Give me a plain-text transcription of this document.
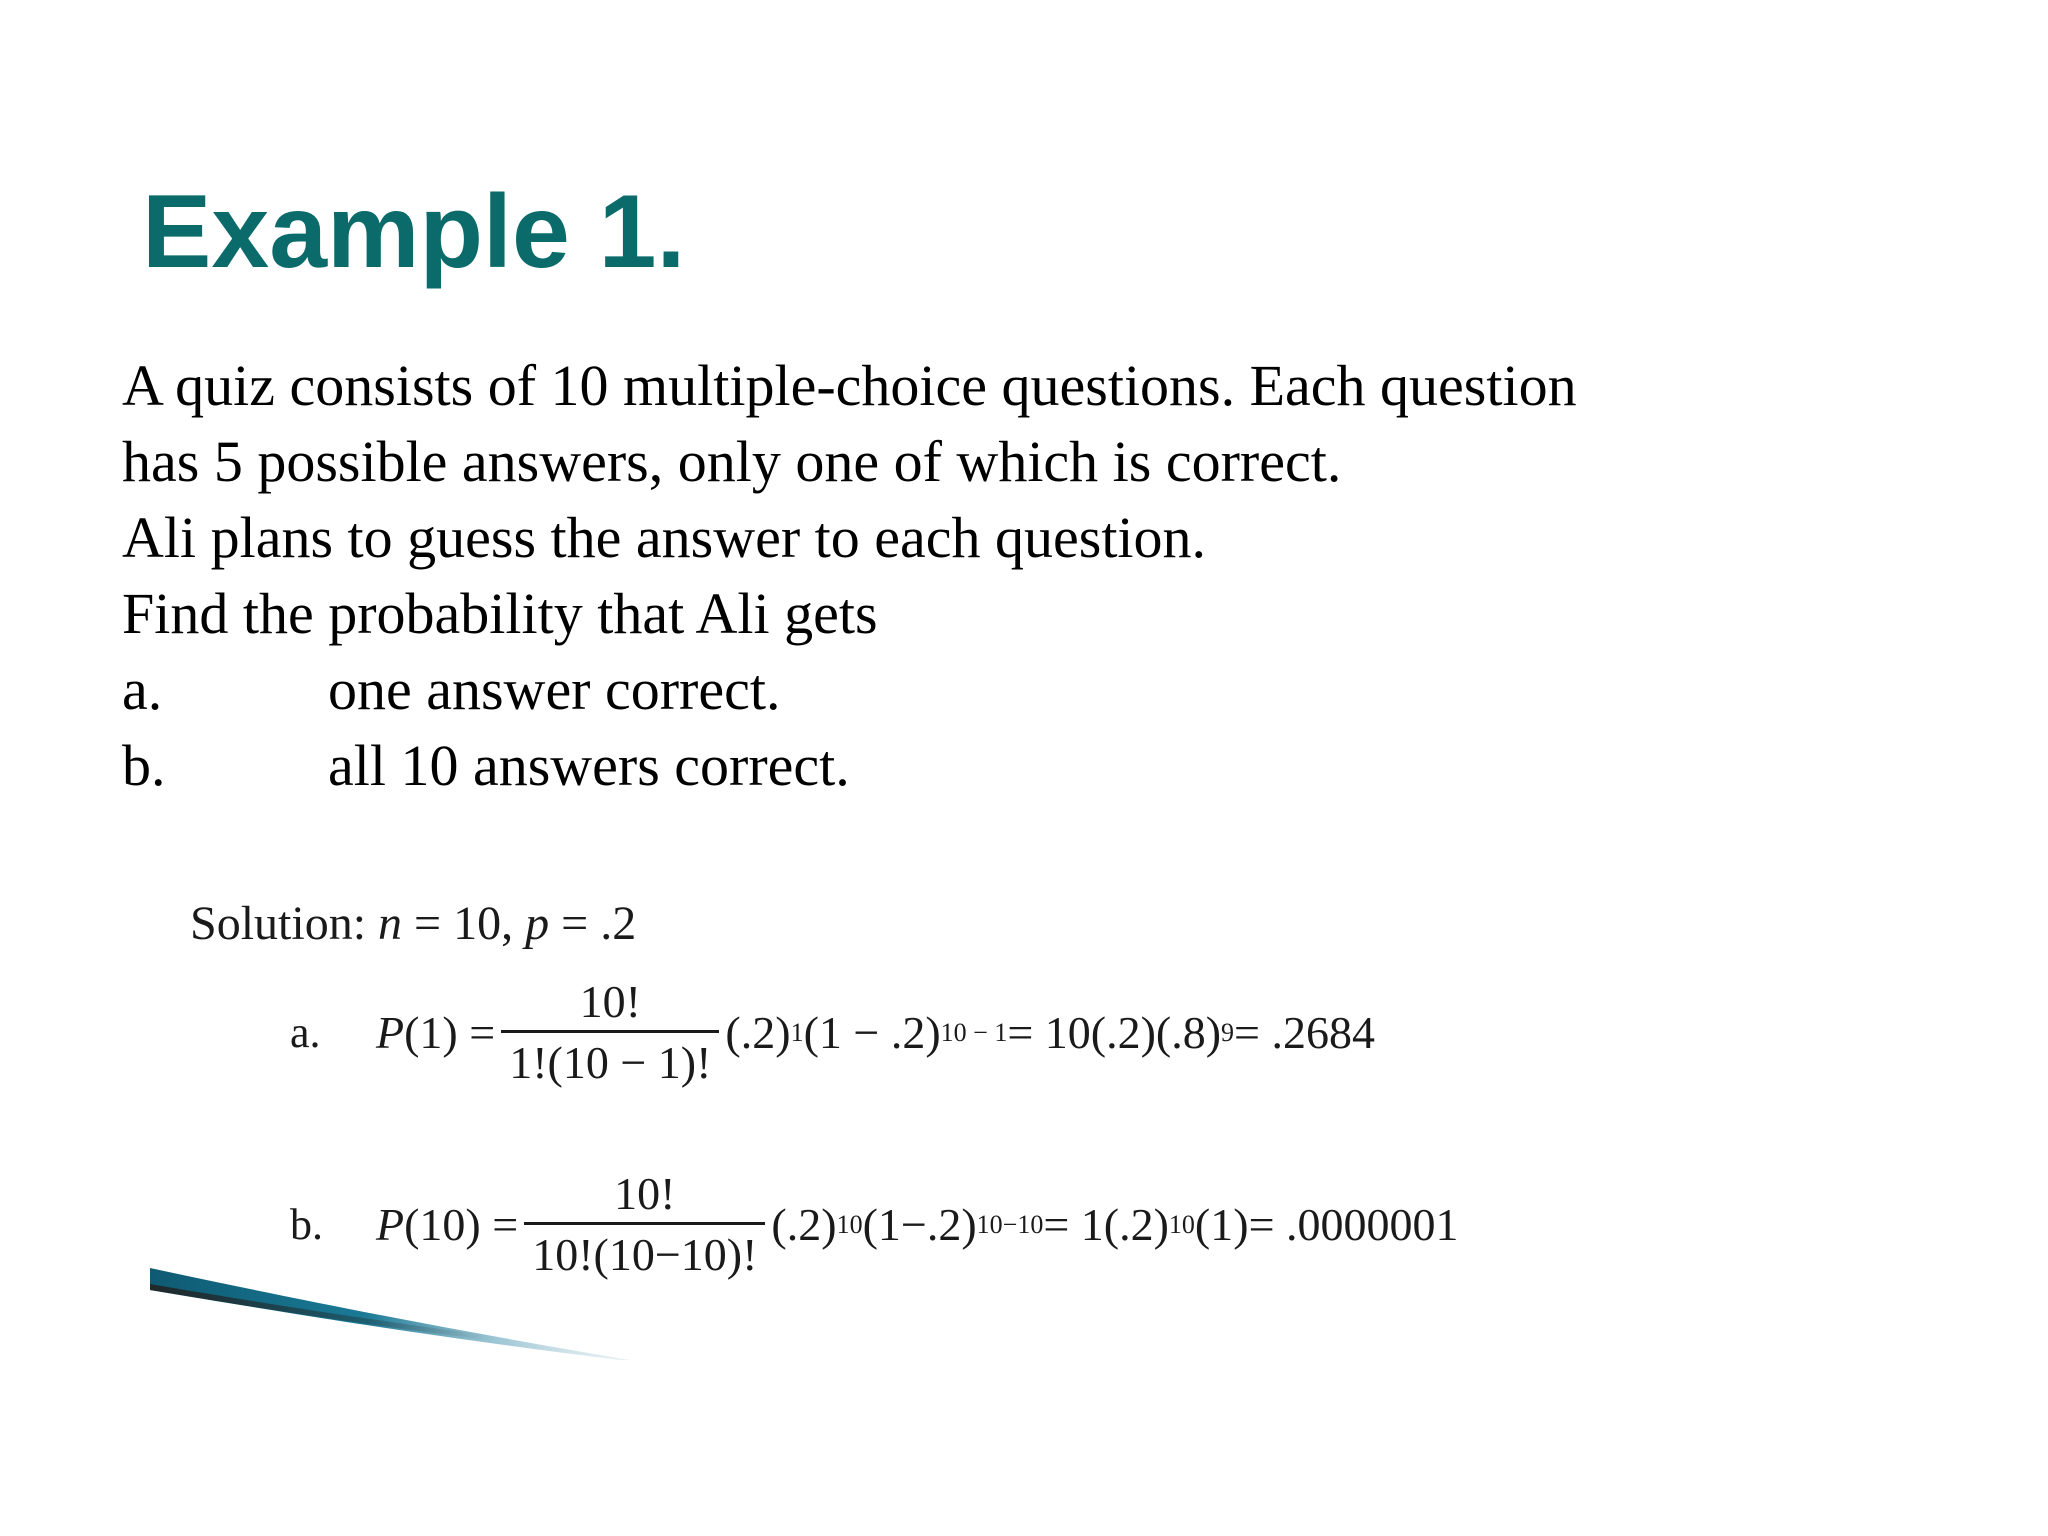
Example 1.
A quiz consists of 10 multiple-choice questions. Each question
has 5 possible answers, only one of which is correct.
Ali plans to guess the answer to each question.
Find the probability that Ali gets
a.	one answer correct.
b.	all 10 answers correct.
Solution: n = 10, p = .2
a.	P $(1) = \frac{10!}{1!(10 - 1)!} (.2)$ 1 (1 − .2) 10 − 1 = 10(.2)(.8) 9 = .2684
b.	P $(10) = \frac{10!}{10!(10-10)!} (.2)$ 10 (1−.2) 10−10 = 1(.2) 10 (1) = .0000001
